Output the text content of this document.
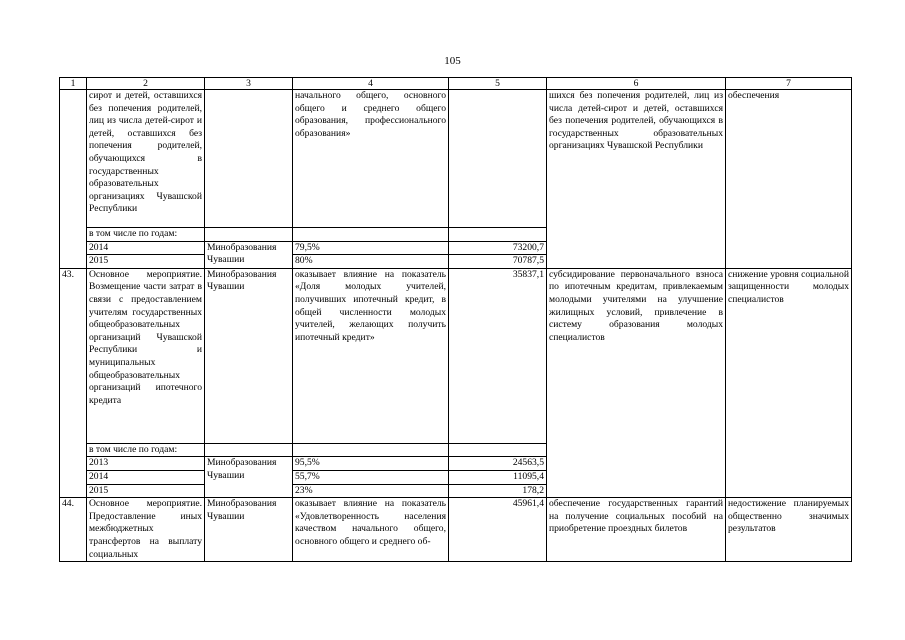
105
1	2	3	4	5	6	7
	сирот и детей, оставшихся без попечения родителей, лиц из числа детей-сирот и детей, оставшихся без попечения родителей, обучающихся в государственных образовательных организациях Чувашской Республики		начального общего, основного общего и среднего общего образования, профессионального образования»		шихся без попечения родителей, лиц из числа детей-сирот и детей, оставшихся без попечения родителей, обучающихся в государственных образовательных организациях Чувашской Республики	обеспечения
	в том числе по годам:					
	2014	Минобразования Чувашии	79,5%	73200,7		
	2015		80%	70787,5		
43.	Основное мероприятие. Возмещение части затрат в связи с предоставлением учителям государственных общеобразовательных организаций Чувашской Республики и муниципальных общеобразовательных организаций ипотечного кредита	Минобразования Чувашии	оказывает влияние на показатель «Доля молодых учителей, получивших ипотечный кредит, в общей численности молодых учителей, желающих получить ипотечный кредит»	35837,1	субсидирование первоначального взноса по ипотечным кредитам, привлекаемым молодыми учителями на улучшение жилищных условий, привлечение в систему образования молодых специалистов	снижение уровня социальной защищенности молодых специалистов
	в том числе по годам:					
	2013	Минобразования Чувашии	95,5%	24563,5		
	2014		55,7%	11095,4		
	2015		23%	178,2		
44.	Основное мероприятие. Предоставление иных межбюджетных трансфертов на выплату социальных	Минобразования Чувашии	оказывает влияние на показатель «Удовлетворенность населения качеством начального общего, основного общего и среднего об-	45961,4	обеспечение государственных гарантий на получение социальных пособий на приобретение проездных билетов	недостижение планируемых общественно значимых результатов
